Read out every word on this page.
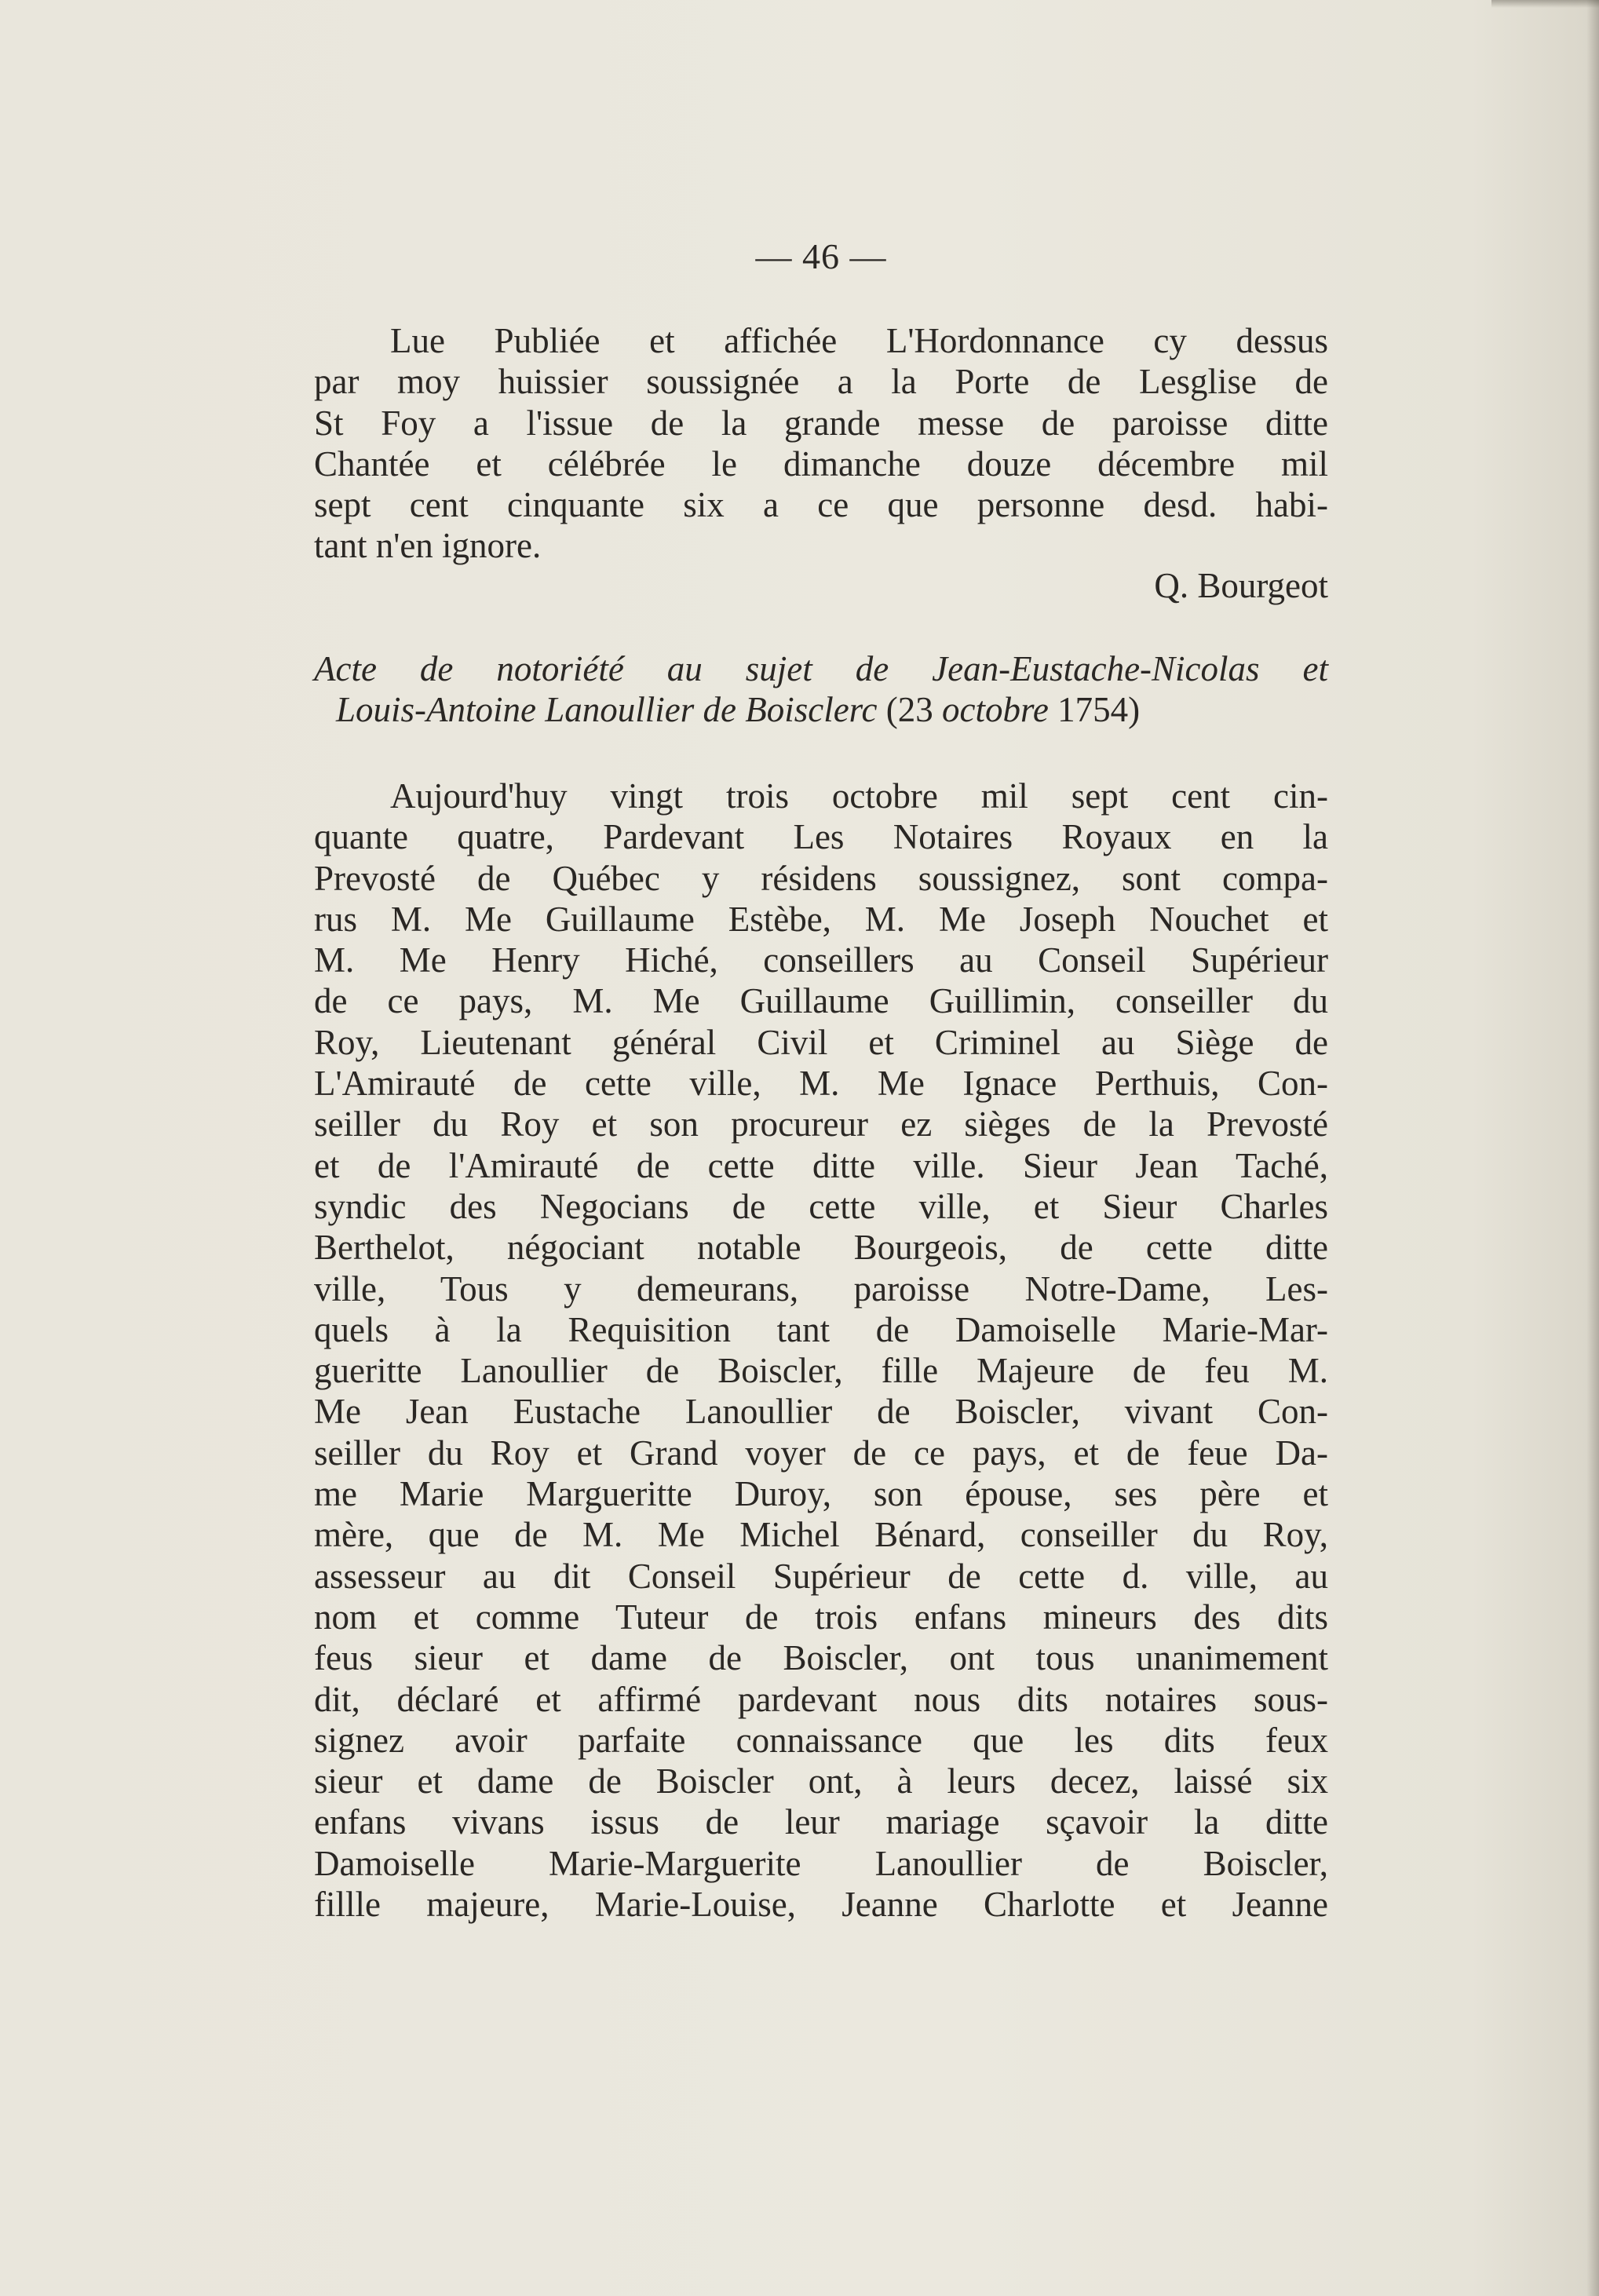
— 46 —
Lue Publiée et affichée L'Hordonnance cy dessus
par moy huissier soussignée a la Porte de Lesglise de
St Foy a l'issue de la grande messe de paroisse ditte
Chantée et célébrée le dimanche douze décembre mil
sept cent cinquante six a ce que personne desd. habi-
tant n'en ignore.
Q. Bourgeot
Acte de notoriété au sujet de Jean-Eustache-Nicolas et
Louis-Antoine Lanoullier de Boisclerc (23 octobre 1754)
Aujourd'huy vingt trois octobre mil sept cent cin-
quante quatre, Pardevant Les Notaires Royaux en la
Prevosté de Québec y résidens soussignez, sont compa-
rus M. Me Guillaume Estèbe, M. Me Joseph Nouchet et
M. Me Henry Hiché, conseillers au Conseil Supérieur
de ce pays, M. Me Guillaume Guillimin, conseiller du
Roy, Lieutenant général Civil et Criminel au Siège de
L'Amirauté de cette ville, M. Me Ignace Perthuis, Con-
seiller du Roy et son procureur ez sièges de la Prevosté
et de l'Amirauté de cette ditte ville. Sieur Jean Taché,
syndic des Negocians de cette ville, et Sieur Charles
Berthelot, négociant notable Bourgeois, de cette ditte
ville, Tous y demeurans, paroisse Notre-Dame, Les-
quels à la Requisition tant de Damoiselle Marie-Mar-
gueritte Lanoullier de Boiscler, fille Majeure de feu M.
Me Jean Eustache Lanoullier de Boiscler, vivant Con-
seiller du Roy et Grand voyer de ce pays, et de feue Da-
me Marie Margueritte Duroy, son épouse, ses père et
mère, que de M. Me Michel Bénard, conseiller du Roy,
assesseur au dit Conseil Supérieur de cette d. ville, au
nom et comme Tuteur de trois enfans mineurs des dits
feus sieur et dame de Boiscler, ont tous unanimement
dit, déclaré et affirmé pardevant nous dits notaires sous-
signez avoir parfaite connaissance que les dits feux
sieur et dame de Boiscler ont, à leurs decez, laissé six
enfans vivans issus de leur mariage sçavoir la ditte
Damoiselle Marie-Marguerite Lanoullier de Boiscler,
fillle majeure, Marie-Louise, Jeanne Charlotte et Jeanne
